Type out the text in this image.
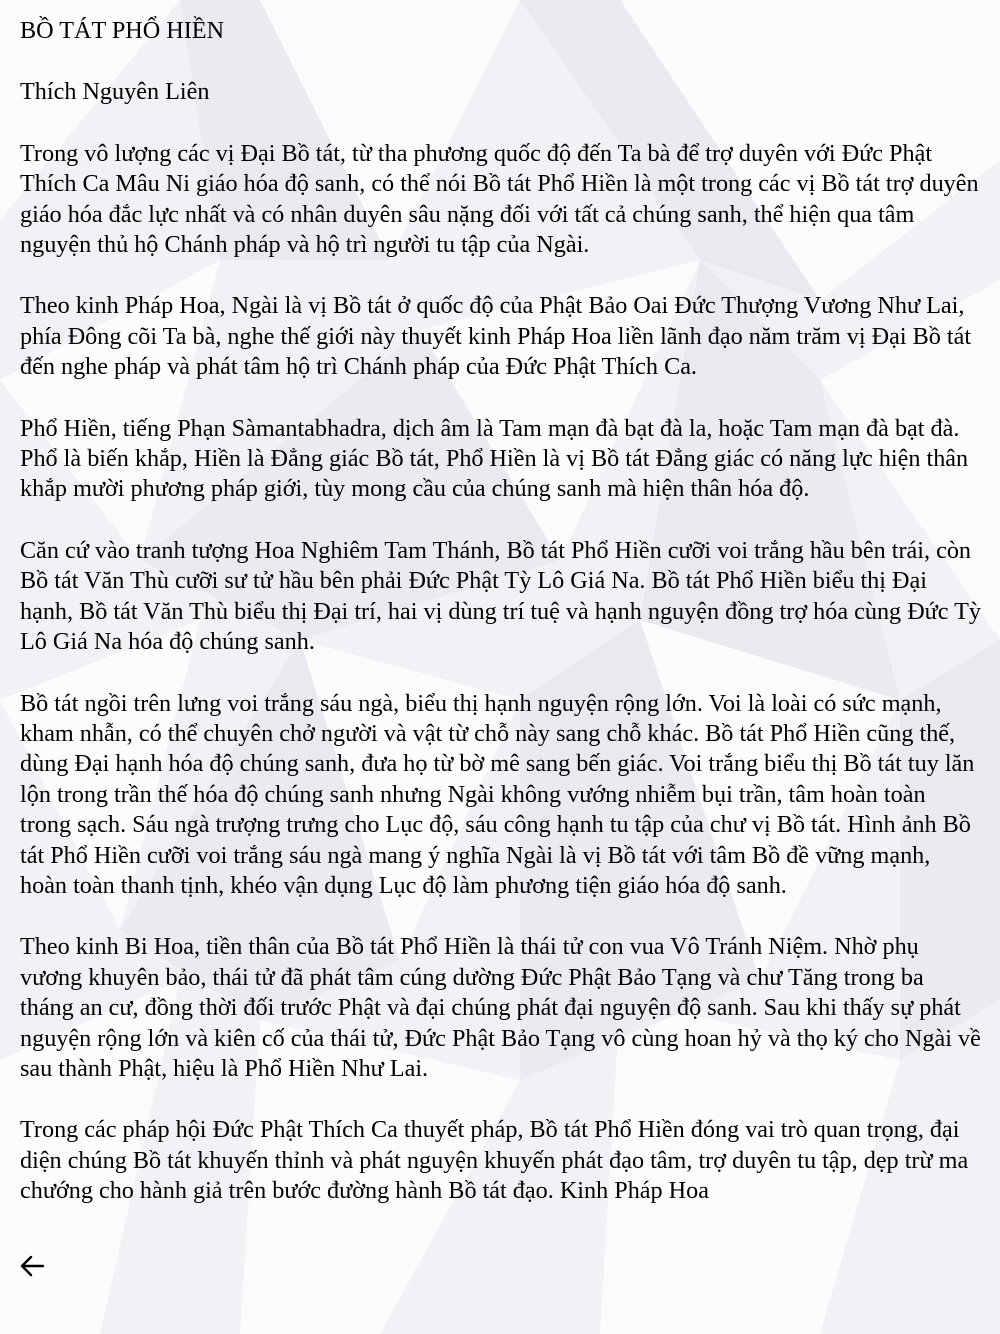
BỒ TÁT PHỔ HIỀN

Thích Nguyên Liên

Trong vô lượng các vị Đại Bồ tát, từ tha phương quốc độ đến Ta bà để trợ duyên với Đức Phật Thích Ca Mâu Ni giáo hóa độ sanh, có thể nói Bồ tát Phổ Hiền là một trong các vị Bồ tát trợ duyên giáo hóa đắc lực nhất và có nhân duyên sâu nặng đối với tất cả chúng sanh, thể hiện qua tâm nguyện thủ hộ Chánh pháp và hộ trì người tu tập của Ngài.

Theo kinh Pháp Hoa, Ngài là vị Bồ tát ở quốc độ của Phật Bảo Oai Đức Thượng Vương Như Lai, phía Đông cõi Ta bà, nghe thế giới này thuyết kinh Pháp Hoa liền lãnh đạo năm trăm vị Đại Bồ tát đến nghe pháp và phát tâm hộ trì Chánh pháp của Đức Phật Thích Ca.

Phổ Hiền, tiếng Phạn Sàmantabhadra, dịch âm là Tam mạn đà bạt đà la, hoặc Tam mạn đà bạt đà. Phổ là biến khắp, Hiền là Đẳng giác Bồ tát, Phổ Hiền là vị Bồ tát Đẳng giác có năng lực hiện thân khắp mười phương pháp giới, tùy mong cầu của chúng sanh mà hiện thân hóa độ.

Căn cứ vào tranh tượng Hoa Nghiêm Tam Thánh, Bồ tát Phổ Hiền cưỡi voi trắng hầu bên trái, còn Bồ tát Văn Thù cưỡi sư tử hầu bên phải Đức Phật Tỳ Lô Giá Na. Bồ tát Phổ Hiền biểu thị Đại hạnh, Bồ tát Văn Thù biểu thị Đại trí, hai vị dùng trí tuệ và hạnh nguyện đồng trợ hóa cùng Đức Tỳ Lô Giá Na hóa độ chúng sanh.

Bồ tát ngồi trên lưng voi trắng sáu ngà, biểu thị hạnh nguyện rộng lớn. Voi là loài có sức mạnh, kham nhẫn, có thể chuyên chở người và vật từ chỗ này sang chỗ khác. Bồ tát Phổ Hiền cũng thế, dùng Đại hạnh hóa độ chúng sanh, đưa họ từ bờ mê sang bến giác. Voi trắng biểu thị Bồ tát tuy lăn lộn trong trần thế hóa độ chúng sanh nhưng Ngài không vướng nhiễm bụi trần, tâm hoàn toàn trong sạch. Sáu ngà trượng trưng cho Lục độ, sáu công hạnh tu tập của chư vị Bồ tát. Hình ảnh Bồ tát Phổ Hiền cưỡi voi trắng sáu ngà mang ý nghĩa Ngài là vị Bồ tát với tâm Bồ đề vững mạnh, hoàn toàn thanh tịnh, khéo vận dụng Lục độ làm phương tiện giáo hóa độ sanh.

Theo kinh Bi Hoa, tiền thân của Bồ tát Phổ Hiền là thái tử con vua Vô Tránh Niệm. Nhờ phụ vương khuyên bảo, thái tử đã phát tâm cúng dường Đức Phật Bảo Tạng và chư Tăng trong ba tháng an cư, đồng thời đối trước Phật và đại chúng phát đại nguyện độ sanh. Sau khi thấy sự phát nguyện rộng lớn và kiên cố của thái tử, Đức Phật Bảo Tạng vô cùng hoan hỷ và thọ ký cho Ngài về sau thành Phật, hiệu là Phổ Hiền Như Lai.

Trong các pháp hội Đức Phật Thích Ca thuyết pháp, Bồ tát Phổ Hiền đóng vai trò quan trọng, đại diện chúng Bồ tát khuyến thỉnh và phát nguyện khuyến phát đạo tâm, trợ duyên tu tập, dẹp trừ ma chướng cho hành giả trên bước đường hành Bồ tát đạo. Kinh Pháp Hoa
